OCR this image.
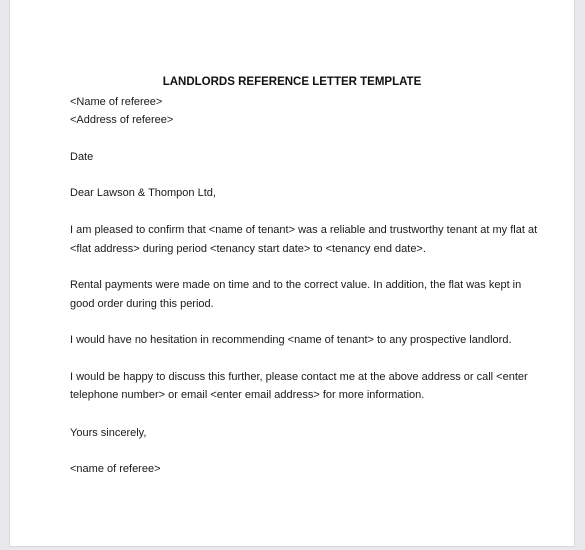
LANDLORDS REFERENCE LETTER TEMPLATE
<Name of referee>
<Address of referee>
Date
Dear Lawson & Thompon Ltd,
I am pleased to confirm that <name of tenant> was a reliable and trustworthy tenant at my flat at
<flat address> during period <tenancy start date> to <tenancy end date>.
Rental payments were made on time and to the correct value. In addition, the flat was kept in
good order during this period.
I would have no hesitation in recommending <name of tenant> to any prospective landlord.
I would be happy to discuss this further, please contact me at the above address or call <enter
telephone number> or email <enter email address> for more information.
Yours sincerely,
<name of referee>
